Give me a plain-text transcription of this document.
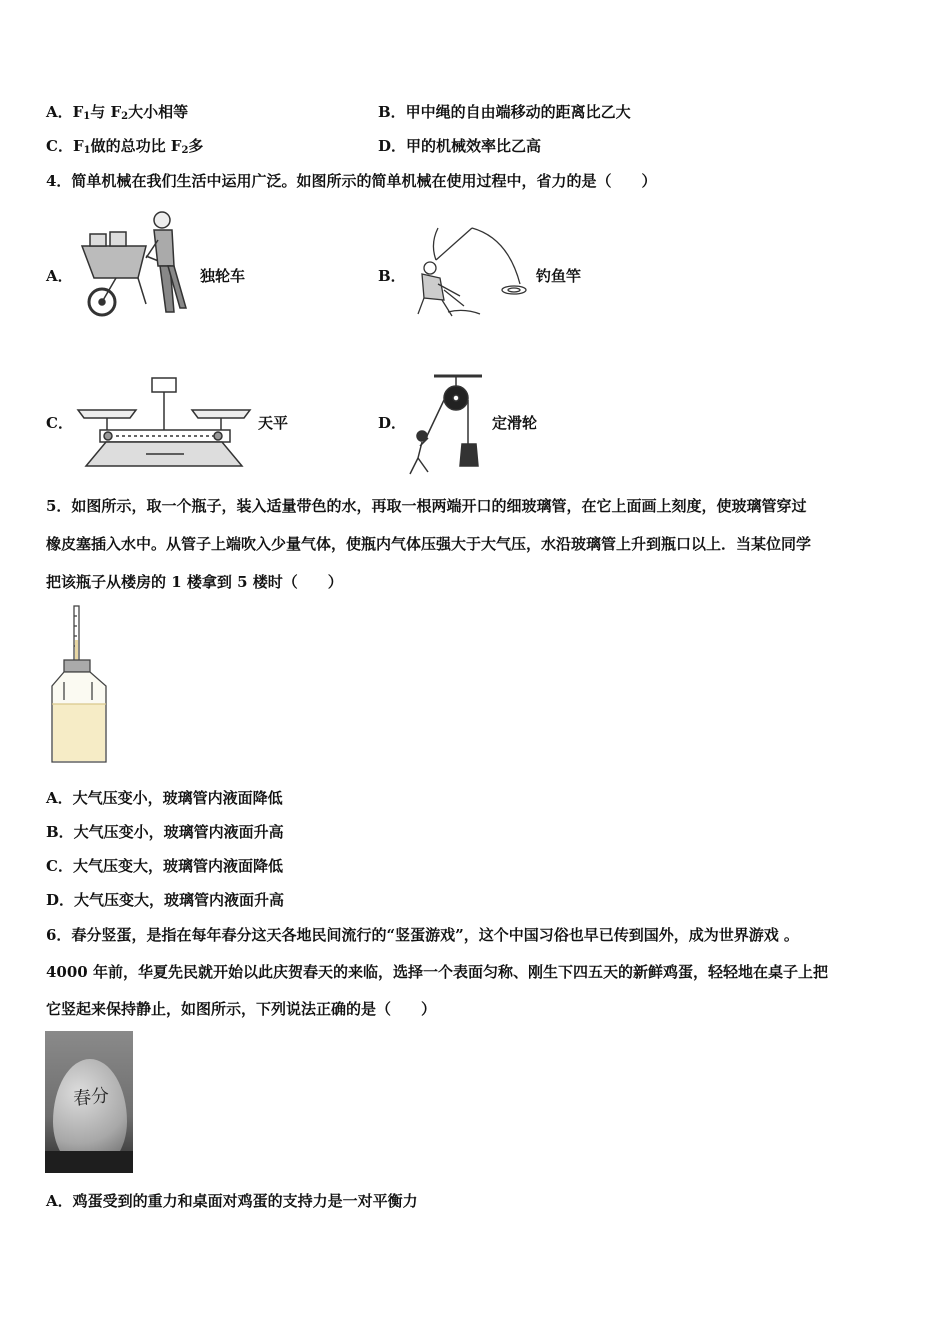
A．$F_1$与 $F_2$大小相等	B．甲中绳的自由端移动的距离比乙大
C．$F_1$做的总功比 $F_2$多	D．甲的机械效率比乙高
4．简单机械在我们生活中运用广泛。如图所示的简单机械在使用过程中，省力的是（　　）
A．	独轮车	B．	钓鱼竿
C．	天平	D．	定滑轮
5．如图所示，取一个瓶子，装入适量带色的水，再取一根两端开口的细玻璃管，在它上面画上刻度，使玻璃管穿过
橡皮塞插入水中。从管子上端吹入少量气体，使瓶内气体压强大于大气压，水沿玻璃管上升到瓶口以上．当某位同学
把该瓶子从楼房的 1 楼拿到 5 楼时（　　）
A．大气压变小，玻璃管内液面降低
B．大气压变小，玻璃管内液面升高
C．大气压变大，玻璃管内液面降低
D．大气压变大，玻璃管内液面升高
6．春分竖蛋，是指在每年春分这天各地民间流行的“竖蛋游戏”，这个中国习俗也早已传到国外，成为世界游戏 。
4000 年前，华夏先民就开始以此庆贺春天的来临，选择一个表面匀称、刚生下四五天的新鲜鸡蛋，轻轻地在桌子上把
它竖起来保持静止，如图所示，下列说法正确的是（　　）
春分
A．鸡蛋受到的重力和桌面对鸡蛋的支持力是一对平衡力
